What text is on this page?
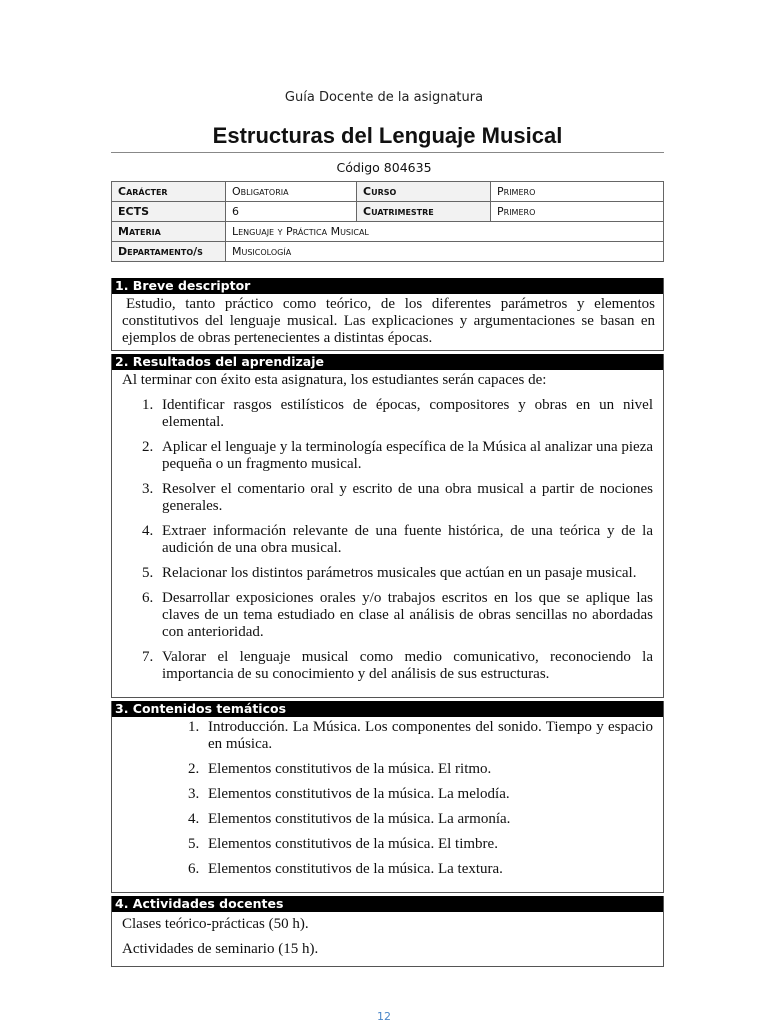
Guía Docente de la asignatura
Estructuras del Lenguaje Musical
Código 804635
Carácter	Obligatoria	Curso	Primero
ECTS	6	Cuatrimestre	Primero
Materia	Lenguaje y Práctica Musical		
Departamento/s	Musicología		
1. Breve descriptor
Estudio, tanto práctico como teórico, de los diferentes parámetros y elementos constitutivos del lenguaje musical. Las explicaciones y argumentaciones se basan en ejemplos de obras pertenecientes a distintas épocas.
2. Resultados del aprendizaje

Al terminar con éxito esta asignatura, los estudiantes serán capaces de:

1. Identificar rasgos estilísticos de épocas, compositores y obras en un nivel elemental.
2. Aplicar el lenguaje y la terminología específica de la Música al analizar una pieza pequeña o un fragmento musical.
3. Resolver el comentario oral y escrito de una obra musical a partir de nociones generales.
4. Extraer información relevante de una fuente histórica, de una teórica y de la audición de una obra musical.
5. Relacionar los distintos parámetros musicales que actúan en un pasaje musical.
6. Desarrollar exposiciones orales y/o trabajos escritos en los que se aplique las claves de un tema estudiado en clase al análisis de obras sencillas no abordadas con anterioridad.
7. Valorar el lenguaje musical como medio comunicativo, reconociendo la importancia de su conocimiento y del análisis de sus estructuras.
3. Contenidos temáticos
1. Introducción. La Música. Los componentes del sonido. Tiempo y espacio en música.
2. Elementos constitutivos de la música. El ritmo.
3. Elementos constitutivos de la música. La melodía.
4. Elementos constitutivos de la música. La armonía.
5. Elementos constitutivos de la música. El timbre.
6. Elementos constitutivos de la música. La textura.
4. Actividades docentes

Clases teórico-prácticas (50 h).

Actividades de seminario (15 h).

12
